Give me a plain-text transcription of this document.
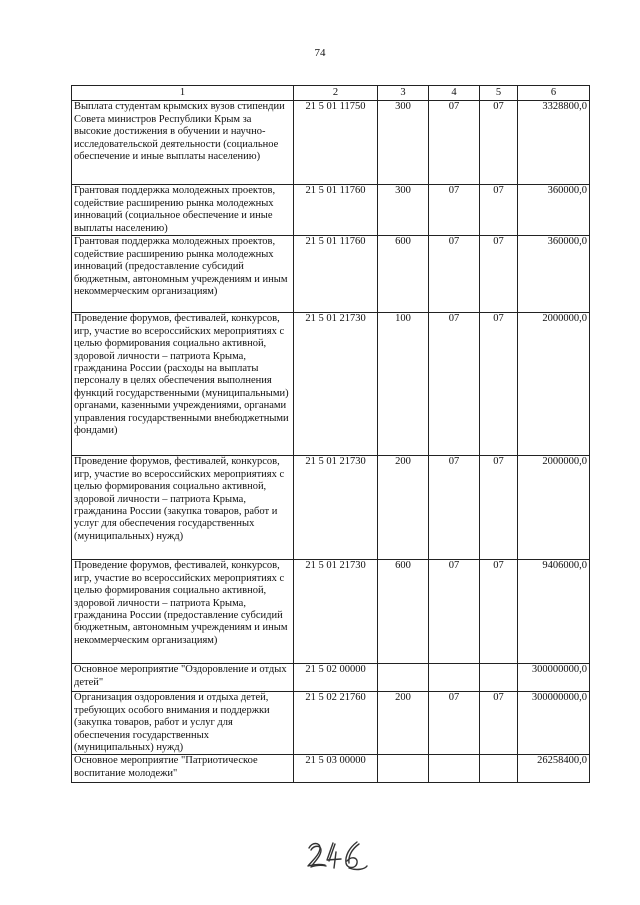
74
1	2	3	4	5	6
Выплата студентам крымских вузов стипендии Совета министров Республики Крым за высокие достижения в обучении и научно-исследовательской деятельности (социальное обеспечение и иные выплаты населению)	21 5 01 11750	300	07	07	3328800,0
Грантовая поддержка молодежных проектов, содействие расширению рынка молодежных инноваций (социальное обеспечение и иные выплаты населению)	21 5 01 11760	300	07	07	360000,0
Грантовая поддержка молодежных проектов, содействие расширению рынка молодежных инноваций (предоставление субсидий бюджетным, автономным учреждениям и иным некоммерческим организациям)	21 5 01 11760	600	07	07	360000,0
Проведение форумов, фестивалей, конкурсов, игр, участие во всероссийских мероприятиях с целью формирования социально активной, здоровой личности – патриота Крыма, гражданина России (расходы на выплаты персоналу в целях обеспечения выполнения функций государственными (муниципальными) органами, казенными учреждениями, органами управления государственными внебюджетными фондами)	21 5 01 21730	100	07	07	2000000,0
Проведение форумов, фестивалей, конкурсов, игр, участие во всероссийских мероприятиях с целью формирования социально активной, здоровой личности – патриота Крыма, гражданина России (закупка товаров, работ и услуг для обеспечения государственных (муниципальных) нужд)	21 5 01 21730	200	07	07	2000000,0
Проведение форумов, фестивалей, конкурсов, игр, участие во всероссийских мероприятиях с целью формирования социально активной, здоровой личности – патриота Крыма, гражданина России (предоставление субсидий бюджетным, автономным учреждениям и иным некоммерческим организациям)	21 5 01 21730	600	07	07	9406000,0
Основное мероприятие "Оздоровление и отдых детей"	21 5 02 00000				300000000,0
Организация оздоровления и отдыха детей, требующих особого внимания и поддержки (закупка товаров, работ и услуг для обеспечения государственных (муниципальных) нужд)	21 5 02 21760	200	07	07	300000000,0
Основное мероприятие "Патриотическое воспитание молодежи"	21 5 03 00000				26258400,0
